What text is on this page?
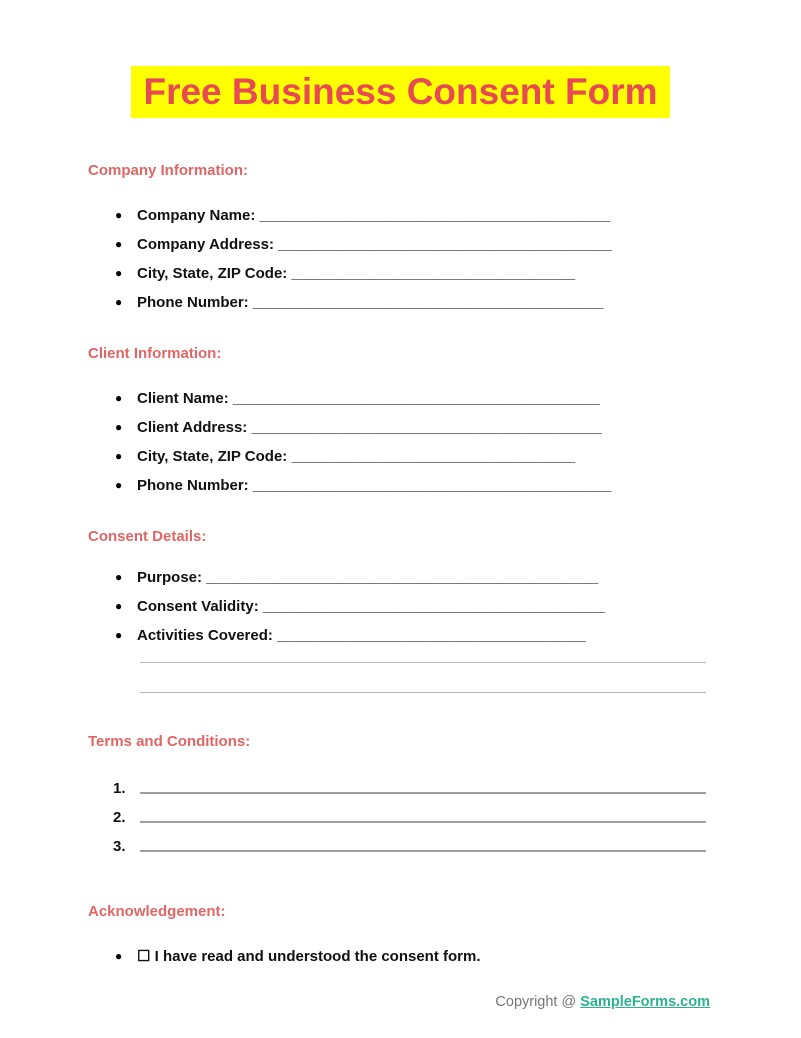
Free Business Consent Form
Company Information:
● Company Name: __________________________________________
● Company Address: ________________________________________
● City, State, ZIP Code: __________________________________
● Phone Number: __________________________________________
Client Information:
● Client Name: ____________________________________________
● Client Address: __________________________________________
● City, State, ZIP Code: __________________________________
● Phone Number: ___________________________________________
Consent Details:
● Purpose: _______________________________________________
● Consent Validity: _________________________________________
● Activities Covered: _____________________________________
Terms and Conditions:
1.
2.
3.
Acknowledgement:
● ☐ I have read and understood the consent form.
Copyright @ SampleForms.com
